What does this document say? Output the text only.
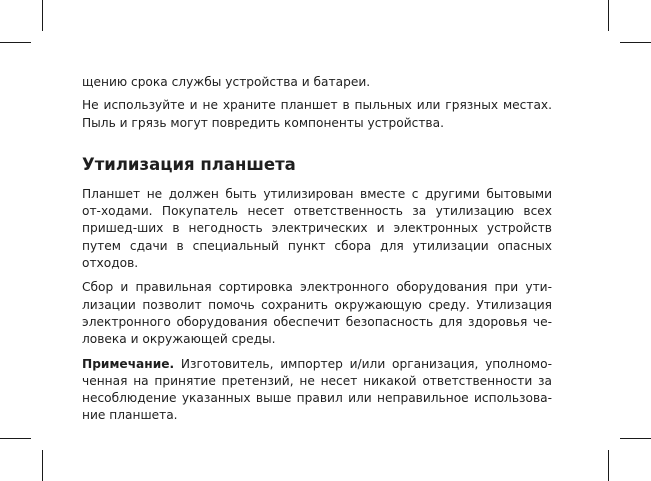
щению срока службы устройства и батареи.

Не используйте и не храните планшет в пыльных или грязных местах. Пыль и грязь могут повредить компоненты устройства.

Утилизация планшета

Планшет не должен быть утилизирован вместе с другими бытовыми от-ходами. Покупатель несет ответственность за утилизацию всех пришед-ших в негодность электрических и электронных устройств путем сдачи в специальный пункт сбора для утилизации опасных отходов.

Сбор и правильная сортировка электронного оборудования при ути-лизации позволит помочь сохранить окружающую среду. Утилизация электронного оборудования обеспечит безопасность для здоровья че-ловека и окружающей среды.

Примечание. Изготовитель, импортер и/или организация, уполномо-ченная на принятие претензий, не несет никакой ответственности за несоблюдение указанных выше правил или неправильное использова-ние планшета.
